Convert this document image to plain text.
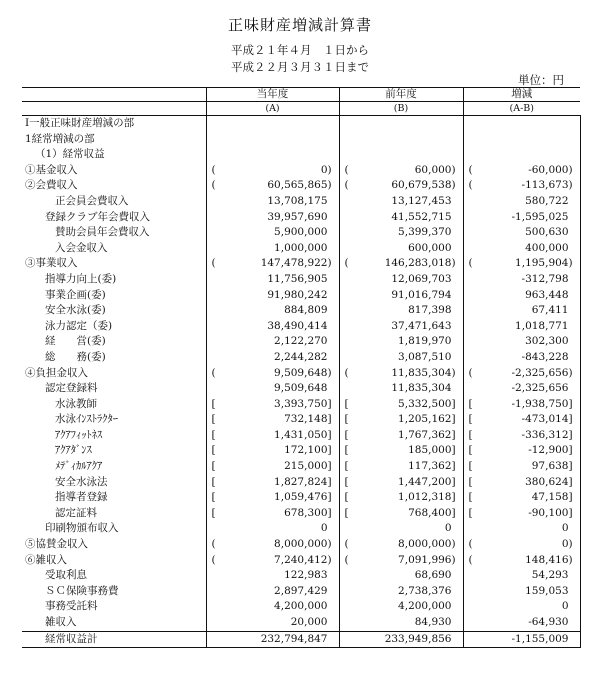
正味財産増減計算書
平成２１年４月　１日から
平成２２月３月３１日まで
単位：円
	当年度	前年度	増減
	(A)	(B)	(A-B)
Ⅰ一般正味財産増減の部			
1経常増減の部			
（1）経常収益			
①基金収入	( 0)	( 60,000)	( -60,000)
②会費収入	( 60,565,865)	( 60,679,538)	( -113,673)
正会員会費収入	13,708,175	13,127,453	580,722
登録クラブ年会費収入	39,957,690	41,552,715	-1,595,025
賛助会員年会費収入	5,900,000	5,399,370	500,630
入会金収入	1,000,000	600,000	400,000
③事業収入	( 147,478,922)	( 146,283,018)	( 1,195,904)
指導力向上(委)	11,756,905	12,069,703	-312,798
事業企画(委)	91,980,242	91,016,794	963,448
安全水泳(委)	884,809	817,398	67,411
泳力認定（委)	38,490,414	37,471,643	1,018,771
経　　営(委)	2,122,270	1,819,970	302,300
総　　務(委)	2,244,282	3,087,510	-843,228
④負担金収入	( 9,509,648)	( 11,835,304)	( -2,325,656)
認定登録料	9,509,648	11,835,304	-2,325,656
水泳教師	[ 3,393,750]	[ 5,332,500]	[ -1,938,750]
水泳ｲﾝｽﾄﾗｸﾀｰ	[ 732,148]	[ 1,205,162]	[ -473,014]
ｱｸｱﾌｨｯﾄﾈｽ	[ 1,431,050]	[ 1,767,362]	[ -336,312]
ｱｸｱﾀﾞﾝｽ	[ 172,100]	[ 185,000]	[ -12,900]
ﾒﾃﾞｨｶﾙｱｸｱ	[ 215,000]	[ 117,362]	[ 97,638]
安全水泳法	[ 1,827,824]	[ 1,447,200]	[ 380,624]
指導者登録	[ 1,059,476]	[ 1,012,318]	[ 47,158]
認定証料	[ 678,300]	[ 768,400]	[ -90,100]
印刷物頒布収入	0	0	0
⑤協賛金収入	( 8,000,000)	( 8,000,000)	( 0)
⑥雑収入	( 7,240,412)	( 7,091,996)	( 148,416)
受取利息	122,983	68,690	54,293
ＳＣ保険事務費	2,897,429	2,738,376	159,053
事務受託料	4,200,000	4,200,000	0
雑収入	20,000	84,930	-64,930
経常収益計	232,794,847	233,949,856	-1,155,009
